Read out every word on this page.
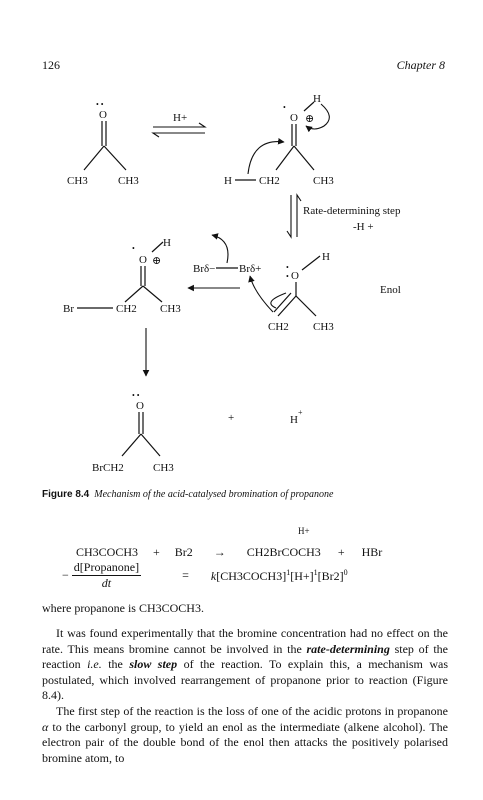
126	Chapter 8
• •
O
CH3	CH3
H+
H
•
O ⊕
H CH2	CH3
Rate-determining step
-H +
H
•
• O
CH2 CH3
Enol
Brδ− Brδ+
H
•
O ⊕
Br	CH2 CH3
• •
O
BrCH2	CH3
+	H
+
Figure 8.4 Mechanism of the acid-catalysed bromination of propanone
H+
CH3COCH3 + Br2 → CH2BrCOCH3 + HBr
−
d[Propanone]
dt
= $k[CH3COCH3]^1[H+]^1[Br2]^0$
where propanone is CH3COCH3.
It was found experimentally that the bromine concentration had no effect on the rate. This means bromine cannot be involved in the rate-determining step of the reaction i.e. the slow step of the reaction. To explain this, a mechanism was postulated, which involved rearrangement of propanone prior to reaction (Figure 8.4).
The first step of the reaction is the loss of one of the acidic protons in propanone α to the carbonyl group, to yield an enol as the intermediate (alkene alcohol). The electron pair of the double bond of the enol then attacks the positively polarised bromine atom, to
